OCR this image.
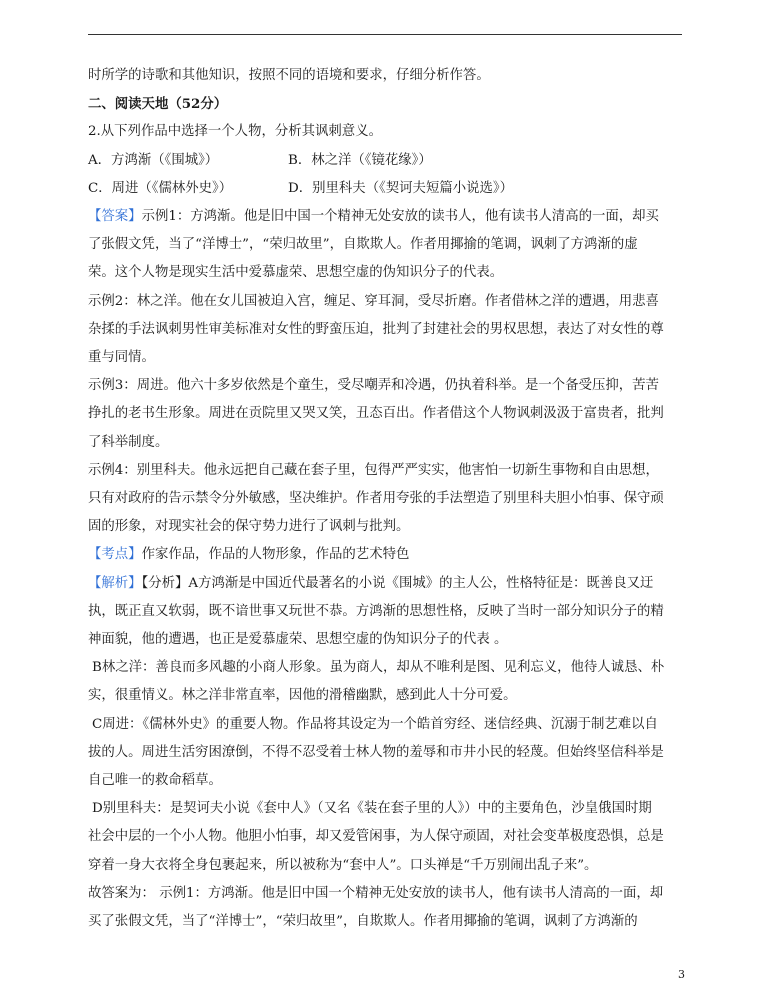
时所学的诗歌和其他知识，按照不同的语境和要求，仔细分析作答。

二、阅读天地（52分）

2.从下列作品中选择一个人物，分析其讽刺意义。

A．方鸿渐（《围城》）	B．林之洋（《镜花缘》）

C．周进（《儒林外史》）	D．别里科夫（《契诃夫短篇小说选》）

【答案】示例1：方鸿渐。他是旧中国一个精神无处安放的读书人，他有读书人清高的一面，却买

了张假文凭，当了“洋博士”，“荣归故里”，自欺欺人。作者用揶揄的笔调，讽刺了方鸿渐的虚

荣。这个人物是现实生活中爱慕虚荣、思想空虚的伪知识分子的代表。

示例2：林之洋。他在女儿国被迫入宫，缠足、穿耳洞，受尽折磨。作者借林之洋的遭遇，用悲喜

杂揉的手法讽刺男性审美标准对女性的野蛮压迫，批判了封建社会的男权思想，表达了对女性的尊

重与同情。

示例3：周进。他六十多岁依然是个童生，受尽嘲弄和冷遇，仍执着科举。是一个备受压抑，苦苦

挣扎的老书生形象。周进在贡院里又哭又笑，丑态百出。作者借这个人物讽刺汲汲于富贵者，批判

了科举制度。

示例4：别里科夫。他永远把自己藏在套子里，包得严严实实，他害怕一切新生事物和自由思想，

只有对政府的告示禁令分外敏感，坚决维护。作者用夸张的手法塑造了别里科夫胆小怕事、保守顽

固的形象，对现实社会的保守势力进行了讽刺与批判。

【考点】作家作品，作品的人物形象，作品的艺术特色

【解析】【分析】A方鸿渐是中国近代最著名的小说《围城》的主人公，性格特征是：既善良又迂

执，既正直又软弱，既不谙世事又玩世不恭。方鸿渐的思想性格，反映了当时一部分知识分子的精

神面貌，他的遭遇，也正是爱慕虚荣、思想空虚的伪知识分子的代表 。

B林之洋：善良而多风趣的小商人形象。虽为商人，却从不唯利是图、见利忘义，他待人诚恳、朴

实，很重情义。林之洋非常直率，因他的滑稽幽默，感到此人十分可爱。

C周进：《儒林外史》的重要人物。作品将其设定为一个皓首穷经、迷信经典、沉溺于制艺难以自

拔的人。周进生活穷困潦倒，不得不忍受着士林人物的羞辱和市井小民的轻蔑。但始终坚信科举是

自己唯一的救命稻草。

D别里科夫：是契诃夫小说《套中人》（又名《装在套子里的人》）中的主要角色，沙皇俄国时期

社会中层的一个小人物。他胆小怕事，却又爱管闲事，为人保守顽固，对社会变革极度恐惧，总是

穿着一身大衣将全身包裹起来，所以被称为“套中人”。口头禅是“千万别闹出乱子来”。

故答案为： 示例1：方鸿渐。他是旧中国一个精神无处安放的读书人，他有读书人清高的一面，却

买了张假文凭，当了“洋博士”，“荣归故里”，自欺欺人。作者用揶揄的笔调，讽刺了方鸿渐的

3
